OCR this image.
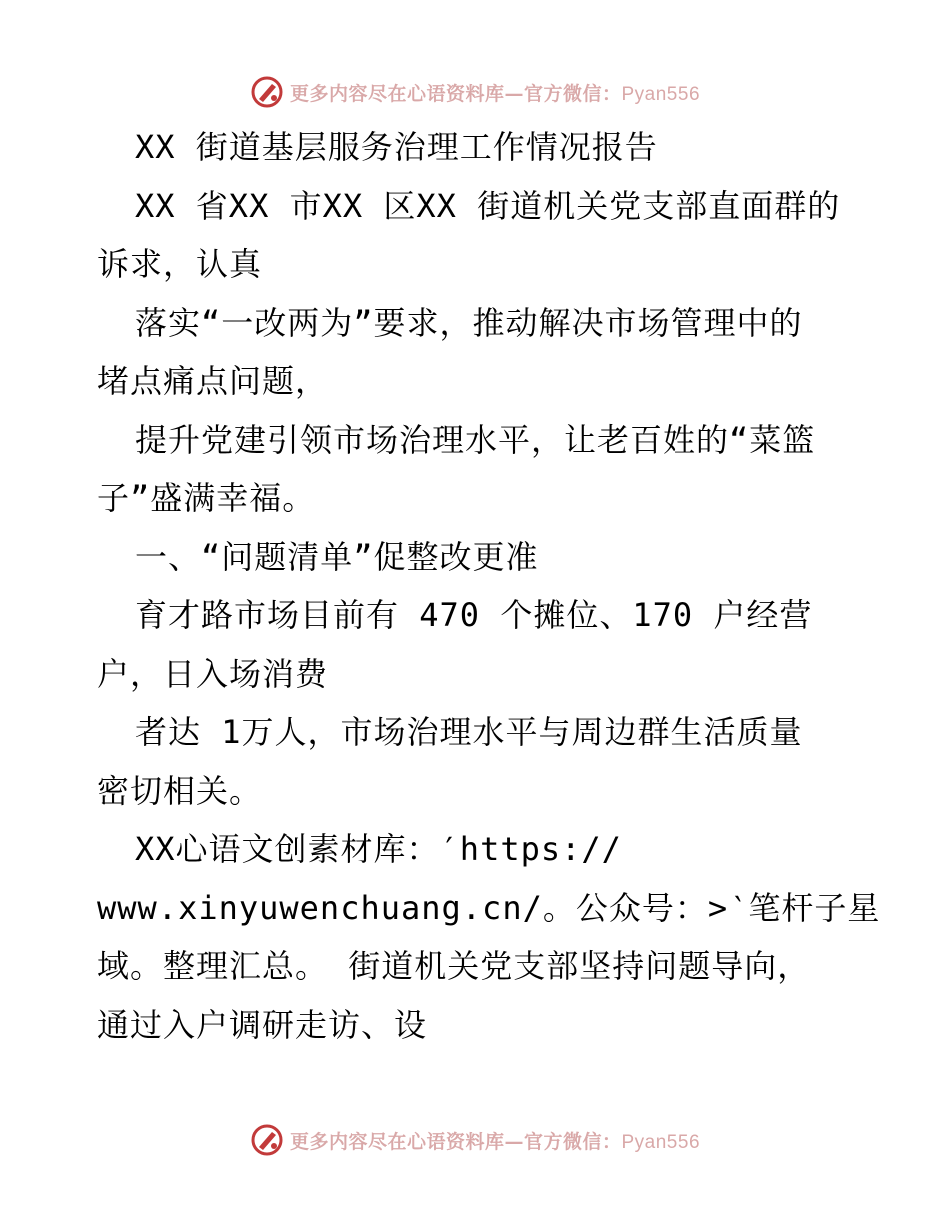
更多内容尽在心语资料库—官方微信：Pyan556
XX 街道基层服务治理工作情况报告
XX 省XX 市XX 区XX 街道机关党支部直面群的
诉求，认真
落实“一改两为”要求，推动解决市场管理中的
堵点痛点问题，
提升党建引领市场治理水平，让老百姓的“菜篮
子”盛满幸福。
一、“问题清单”促整改更准
育才路市场目前有 470 个摊位、170 户经营
户，日入场消费
者达 1万人，市场治理水平与周边群生活质量
密切相关。
XX心语文创素材库：′https://
www.xinyuwenchuang.cn/。公众号：>‵笔杆子星
域。整理汇总。 街道机关党支部坚持问题导向，
通过入户调研走访、设
更多内容尽在心语资料库—官方微信：Pyan556
